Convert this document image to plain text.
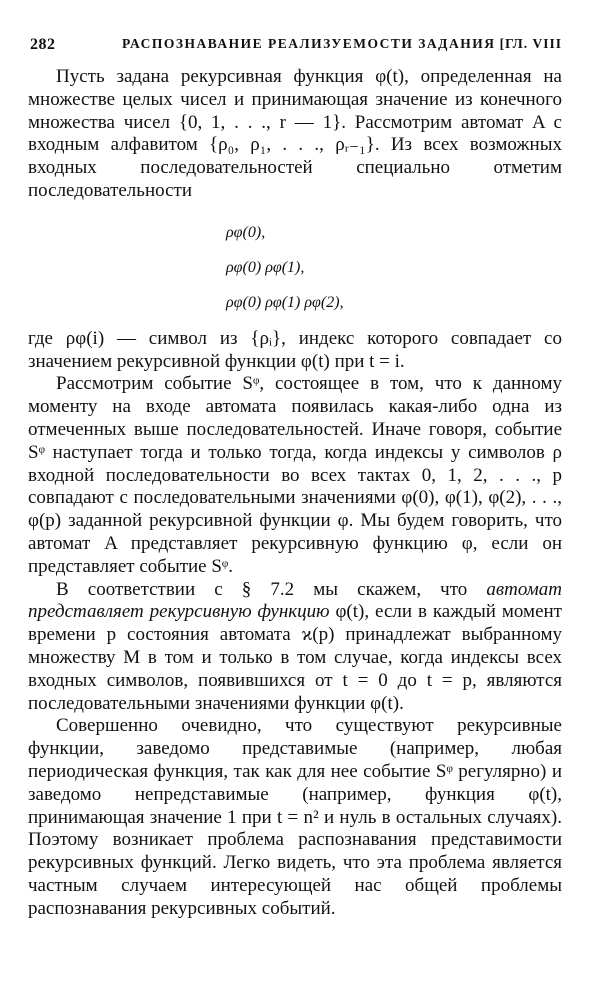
282	РАСПОЗНАВАНИЕ РЕАЛИЗУЕМОСТИ ЗАДАНИЯ [ГЛ. VIII

Пусть задана рекурсивная функция φ(t), определенная на множестве целых чисел и принимающая значение из конечного множества чисел {0, 1, . . ., r — 1}. Рассмотрим автомат A с входным алфавитом {ρ₀, ρ₁, . . ., ρᵣ₋₁}. Из всех возможных входных последовательностей специально отметим последовательности

ρφ(0),
ρφ(0) ρφ(1),
ρφ(0) ρφ(1) ρφ(2),

где ρφ(i) — символ из {ρᵢ}, индекс которого совпадает со значением рекурсивной функции φ(t) при t = i.

Рассмотрим событие Sᵠ, состоящее в том, что к данному моменту на входе автомата появилась какая-либо одна из отмеченных выше последовательностей. Иначе говоря, событие Sᵠ наступает тогда и только тогда, когда индексы у символов ρ входной последовательности во всех тактах 0, 1, 2, . . ., p совпадают с последовательными значениями φ(0), φ(1), φ(2), . . ., φ(p) заданной рекурсивной функции φ. Мы будем говорить, что автомат A представляет рекурсивную функцию φ, если он представляет событие Sᵠ.

В соответствии с § 7.2 мы скажем, что автомат представляет рекурсивную функцию φ(t), если в каждый момент времени p состояния автомата ϰ(p) принадлежат выбранному множеству M в том и только в том случае, когда индексы всех входных символов, появившихся от t = 0 до t = p, являются последовательными значениями функции φ(t).

Совершенно очевидно, что существуют рекурсивные функции, заведомо представимые (например, любая периодическая функция, так как для нее событие Sᵠ регулярно) и заведомо непредставимые (например, функция φ(t), принимающая значение 1 при t = n² и нуль в остальных случаях). Поэтому возникает проблема распознавания представимости рекурсивных функций. Легко видеть, что эта проблема является частным случаем интересующей нас общей проблемы распознавания рекурсивных событий.
